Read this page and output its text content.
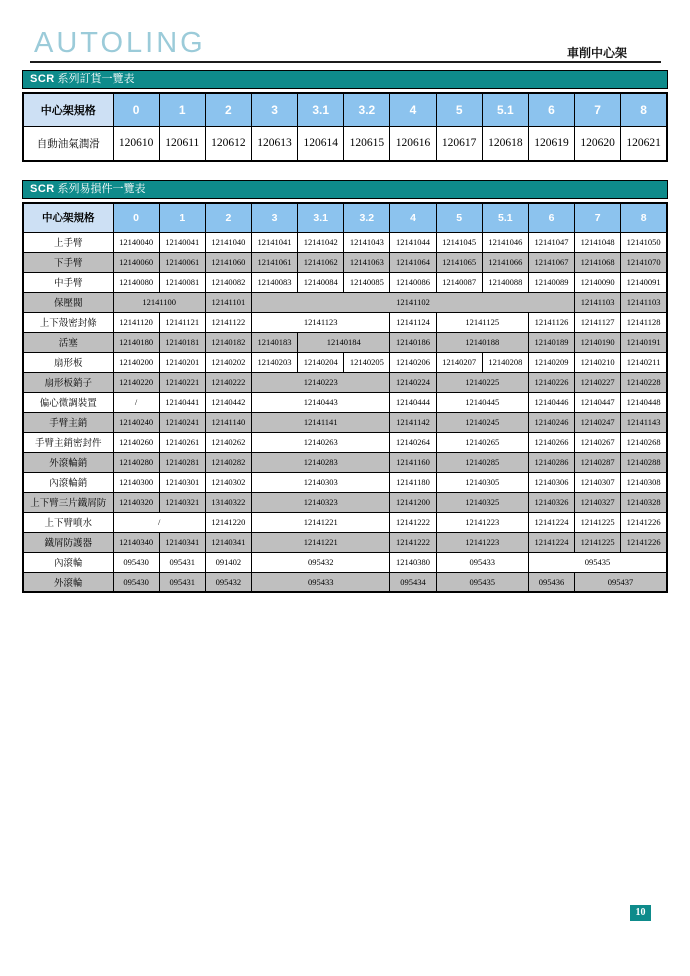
AUTOLING	車削中心架
SCR 系列訂貨一覽表
中心架規格	0	1	2	3	3.1	3.2	4	5	5.1	6	7	8
自動油氣潤滑	120610	120611	120612	120613	120614	120615	120616	120617	120618	120619	120620	120621
SCR 系列易損件一覽表
中心架規格	0	1	2	3	3.1	3.2	4	5	5.1	6	7	8
上手臂	12140040	12140041	12141040	12141041	12141042	12141043	12141044	12141045	12141046	12141047	12141048	12141050
下手臂	12140060	12140061	12141060	12141061	12141062	12141063	12141064	12141065	12141066	12141067	12141068	12141070
中手臂	12140080	12140081	12140082	12140083	12140084	12140085	12140086	12140087	12140088	12140089	12140090	12140091
保壓閥	12141100		12141101	12141102							12141103	12141103
上下殼密封條	12141120	12141121	12141122	12141123			12141124	12141125		12141126	12141127	12141128
活塞	12140180	12140181	12140182	12140183	12140184		12140186	12140188		12140189	12140190	12140191
扇形板	12140200	12140201	12140202	12140203	12140204	12140205	12140206	12140207	12140208	12140209	12140210	12140211
扇形板銷子	12140220	12140221	12140222	12140223			12140224	12140225		12140226	12140227	12140228
偏心微調裝置	/	12140441	12140442	12140443			12140444	12140445		12140446	12140447	12140448
手臂主銷	12140240	12140241	12141140	12141141			12141142	12140245		12140246	12140247	12141143
手臂主銷密封件	12140260	12140261	12140262	12140263			12140264	12140265		12140266	12140267	12140268
外滾輪銷	12140280	12140281	12140282	12140283			12141160	12140285		12140286	12140287	12140288
內滾輪銷	12140300	12140301	12140302	12140303			12141180	12140305		12140306	12140307	12140308
上下臂三片鐵屑防	12140320	12140321	13140322	12140323			12141200	12140325		12140326	12140327	12140328
上下臂噴水	/		12141220	12141221			12141222	12141223		12141224	12141225	12141226
鐵屑防護器	12140340	12140341	12140341	12141221			12141222	12141223		12141224	12141225	12141226
內滾輪	095430	095431	091402	095432			12140380	095433		095435		
外滾輪	095430	095431	095432	095433			095434	095435		095436	095437	
10
